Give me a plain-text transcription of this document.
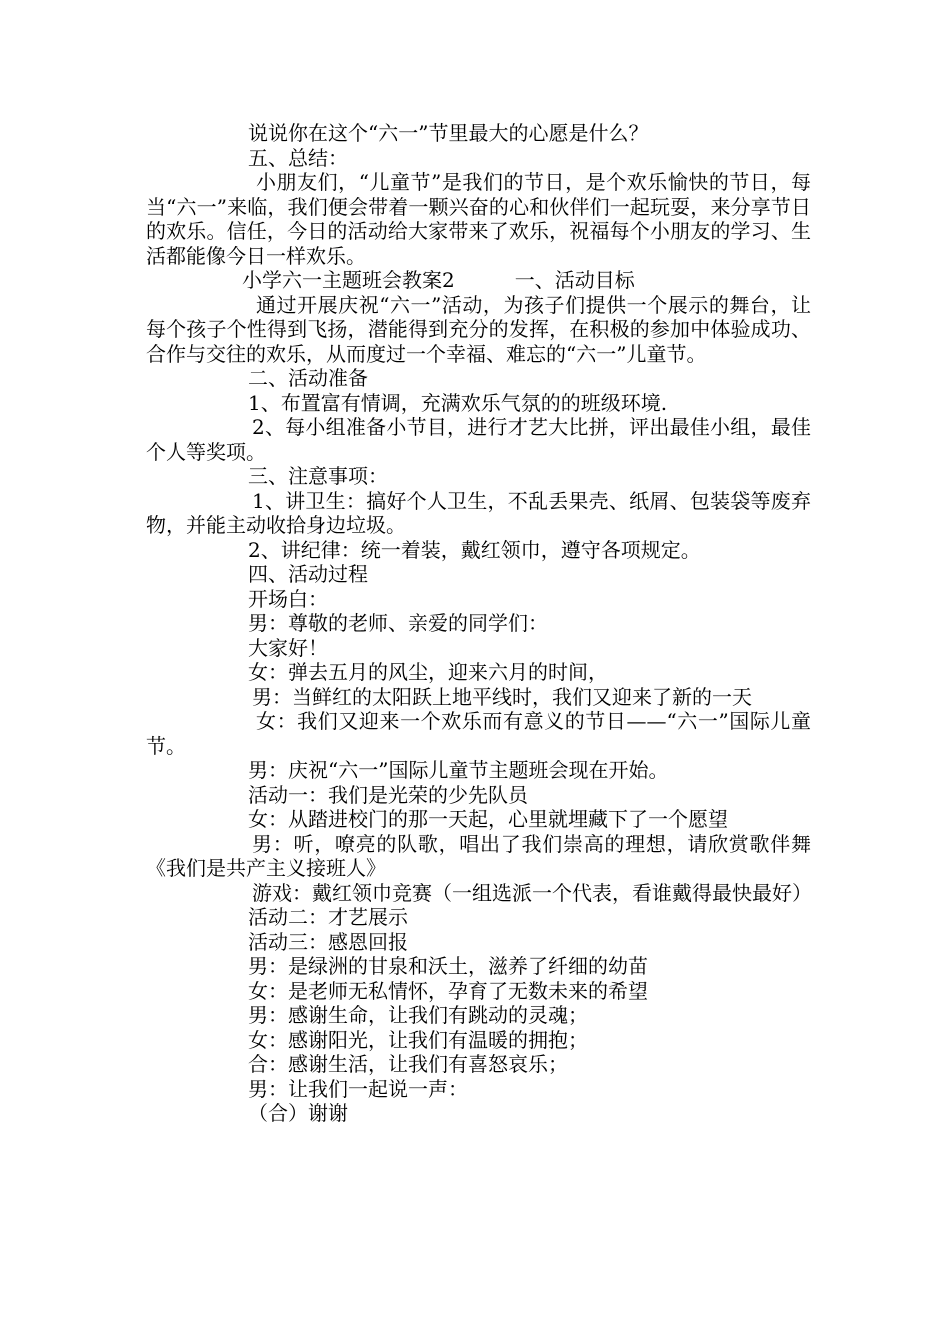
说说你在这个“六一”节里最大的心愿是什么？

五、总结：

小朋友们，“儿童节”是我们的节日，是个欢乐愉快的节日，每当“六一”来临，我们便会带着一颗兴奋的心和伙伴们一起玩耍，来分享节日的欢乐。信任，今日的活动给大家带来了欢乐，祝福每个小朋友的学习、生活都能像今日一样欢乐。

小学六一主题班会教案2　　　一、活动目标

通过开展庆祝“六一”活动，为孩子们提供一个展示的舞台，让每个孩子个性得到飞扬，潜能得到充分的发挥，在积极的参加中体验成功、合作与交往的欢乐，从而度过一个幸福、难忘的“六一”儿童节。

二、活动准备

1、布置富有情调，充满欢乐气氛的的班级环境.

2、每小组准备小节目，进行才艺大比拼，评出最佳小组，最佳个人等奖项。

三、注意事项：

1、讲卫生：搞好个人卫生，不乱丢果壳、纸屑、包装袋等废弃物，并能主动收拾身边垃圾。

2、讲纪律：统一着装，戴红领巾，遵守各项规定。

四、活动过程

开场白：

男：尊敬的老师、亲爱的同学们：

大家好！

女：弹去五月的风尘，迎来六月的时间，

男：当鲜红的太阳跃上地平线时，我们又迎来了新的一天

女：我们又迎来一个欢乐而有意义的节日——“六一”国际儿童节。

男：庆祝“六一”国际儿童节主题班会现在开始。

活动一：我们是光荣的少先队员

女：从踏进校门的那一天起，心里就埋藏下了一个愿望

男：听，嘹亮的队歌，唱出了我们崇高的理想，请欣赏歌伴舞《我们是共产主义接班人》

游戏：戴红领巾竞赛（一组选派一个代表，看谁戴得最快最好）

活动二：才艺展示

活动三：感恩回报

男：是绿洲的甘泉和沃土，滋养了纤细的幼苗

女：是老师无私情怀，孕育了无数未来的希望

男：感谢生命，让我们有跳动的灵魂；

女：感谢阳光，让我们有温暖的拥抱；

合：感谢生活，让我们有喜怒哀乐；

男：让我们一起说一声：

（合）谢谢
